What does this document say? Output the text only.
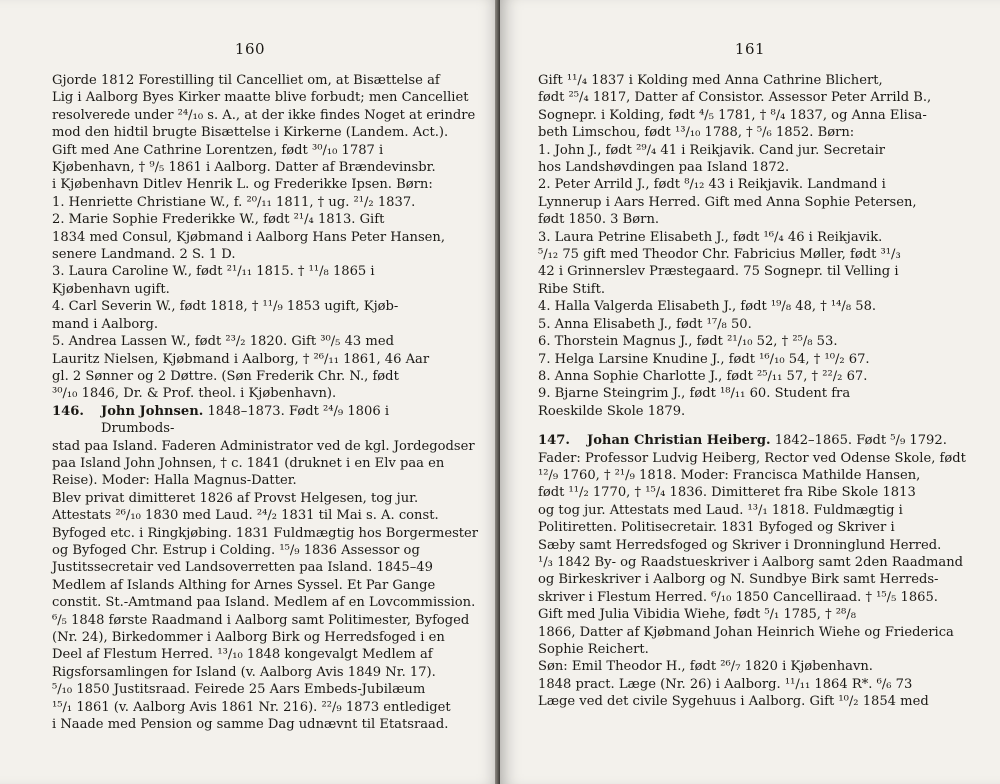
160

Gjorde 1812 Forestilling til Cancelliet om, at Bisættelse af

Lig i Aalborg Byes Kirker maatte blive forbudt; men Cancelliet

resolverede under ²⁴/₁₀ s. A., at der ikke findes Noget at erindre

mod den hidtil brugte Bisættelse i Kirkerne (Landem. Act.).

Gift med Ane Cathrine Lorentzen, født ³⁰/₁₀ 1787 i

Kjøbenhavn, † ⁹/₅ 1861 i Aalborg. Datter af Brændevinsbr.

i Kjøbenhavn Ditlev Henrik L. og Frederikke Ipsen. Børn:

1. Henriette Christiane W., f. ²⁰/₁₁ 1811, † ug. ²¹/₂ 1837.

2. Marie Sophie Frederikke W., født ²¹/₄ 1813. Gift

1834 med Consul, Kjøbmand i Aalborg Hans Peter Hansen,

senere Landmand. 2 S. 1 D.

3. Laura Caroline W., født ²¹/₁₁ 1815. † ¹¹/₈ 1865 i

Kjøbenhavn ugift.

4. Carl Severin W., født 1818, † ¹¹/₉ 1853 ugift, Kjøb-

mand i Aalborg.

5. Andrea Lassen W., født ²³/₂ 1820. Gift ³⁰/₅ 43 med

Lauritz Nielsen, Kjøbmand i Aalborg, † ²⁶/₁₁ 1861, 46 Aar

gl. 2 Sønner og 2 Døttre. (Søn Frederik Chr. N., født

³⁰/₁₀ 1846, Dr. & Prof. theol. i Kjøbenhavn).

146.	John Johnsen. 1848–1873. Født ²⁴/₉ 1806 i Drumbods-

stad paa Island. Faderen Administrator ved de kgl. Jordegodser

paa Island John Johnsen, † c. 1841 (druknet i en Elv paa en

Reise). Moder: Halla Magnus-Datter.

Blev privat dimitteret 1826 af Provst Helgesen, tog jur.

Attestats ²⁶/₁₀ 1830 med Laud. ²⁴/₂ 1831 til Mai s. A. const.

Byfoged etc. i Ringkjøbing. 1831 Fuldmægtig hos Borgermester

og Byfoged Chr. Estrup i Colding. ¹⁵/₉ 1836 Assessor og

Justitssecretair ved Landsoverretten paa Island. 1845–49

Medlem af Islands Althing for Arnes Syssel. Et Par Gange

constit. St.-Amtmand paa Island. Medlem af en Lovcommission.

⁶/₅ 1848 første Raadmand i Aalborg samt Politimester, Byfoged

(Nr. 24), Birkedommer i Aalborg Birk og Herredsfoged i en

Deel af Flestum Herred. ¹³/₁₀ 1848 kongevalgt Medlem af

Rigsforsamlingen for Island (v. Aalborg Avis 1849 Nr. 17).

⁵/₁₀ 1850 Justitsraad. Feirede 25 Aars Embeds-Jubilæum

¹⁵/₁ 1861 (v. Aalborg Avis 1861 Nr. 216). ²²/₉ 1873 entlediget

i Naade med Pension og samme Dag udnævnt til Etatsraad.

161

Gift ¹¹/₄ 1837 i Kolding med Anna Cathrine Blichert,

født ²⁵/₄ 1817, Datter af Consistor. Assessor Peter Arrild B.,

Sognepr. i Kolding, født ⁴/₅ 1781, † ⁸/₄ 1837, og Anna Elisa-

beth Limschou, født ¹³/₁₀ 1788, † ⁵/₆ 1852. Børn:

1. John J., født ²⁹/₄ 41 i Reikjavik. Cand jur. Secretair

hos Landshøvdingen paa Island 1872.

2. Peter Arrild J., født ⁸/₁₂ 43 i Reikjavik. Landmand i

Lynnerup i Aars Herred. Gift med Anna Sophie Petersen,

født 1850. 3 Børn.

3. Laura Petrine Elisabeth J., født ¹⁶/₄ 46 i Reikjavik.

⁵/₁₂ 75 gift med Theodor Chr. Fabricius Møller, født ³¹/₃

42 i Grinnerslev Præstegaard. 75 Sognepr. til Velling i

Ribe Stift.

4. Halla Valgerda Elisabeth J., født ¹⁹/₈ 48, † ¹⁴/₈ 58.

5. Anna Elisabeth J., født ¹⁷/₈ 50.

6. Thorstein Magnus J., født ²¹/₁₀ 52, † ²⁵/₈ 53.

7. Helga Larsine Knudine J., født ¹⁶/₁₀ 54, † ¹⁰/₂ 67.

8. Anna Sophie Charlotte J., født ²⁵/₁₁ 57, † ²²/₂ 67.

9. Bjarne Steingrim J., født ¹⁸/₁₁ 60. Student fra

Roeskilde Skole 1879.

147.	Johan Christian Heiberg. 1842–1865. Født ⁵/₉ 1792.

Fader: Professor Ludvig Heiberg, Rector ved Odense Skole, født

¹²/₉ 1760, † ²¹/₉ 1818. Moder: Francisca Mathilde Hansen,

født ¹¹/₂ 1770, † ¹⁵/₄ 1836. Dimitteret fra Ribe Skole 1813

og tog jur. Attestats med Laud. ¹³/₁ 1818. Fuldmægtig i

Politiretten. Politisecretair. 1831 Byfoged og Skriver i

Sæby samt Herredsfoged og Skriver i Dronninglund Herred.

¹/₃ 1842 By- og Raadstueskriver i Aalborg samt 2den Raadmand

og Birkeskriver i Aalborg og N. Sundbye Birk samt Herreds-

skriver i Flestum Herred. ⁶/₁₀ 1850 Cancelliraad. † ¹⁵/₅ 1865.

Gift med Julia Vibidia Wiehe, født ⁵/₁ 1785, † ²⁸/₈

1866, Datter af Kjøbmand Johan Heinrich Wiehe og Friederica

Sophie Reichert.

Søn: Emil Theodor H., født ²⁶/₇ 1820 i Kjøbenhavn.

1848 pract. Læge (Nr. 26) i Aalborg. ¹¹/₁₁ 1864 R*. ⁶/₆ 73

Læge ved det civile Sygehuus i Aalborg. Gift ¹⁰/₂ 1854 med
